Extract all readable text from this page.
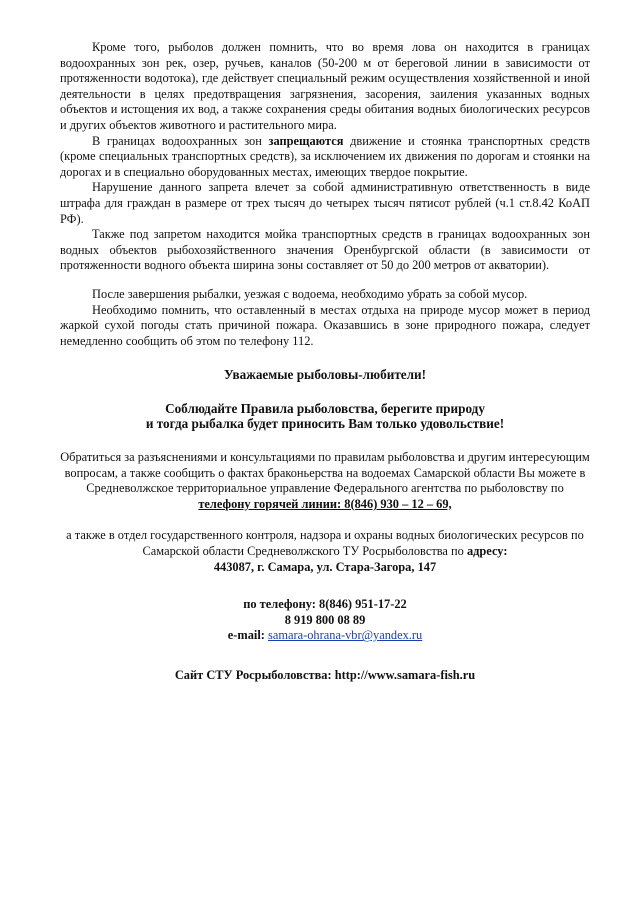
Кроме того, рыболов должен помнить, что во время лова он находится в границах водоохранных зон рек, озер, ручьев, каналов (50-200 м от береговой линии в зависимости от протяженности водотока), где действует специальный режим осуществления хозяйственной и иной деятельности в целях предотвращения загрязнения, засорения, заиления указанных водных объектов и истощения их вод, а также сохранения среды обитания водных биологических ресурсов и других объектов животного и растительного мира.

В границах водоохранных зон запрещаются движение и стоянка транспортных средств (кроме специальных транспортных средств), за исключением их движения по дорогам и стоянки на дорогах и в специально оборудованных местах, имеющих твердое покрытие.

Нарушение данного запрета влечет за собой административную ответственность в виде штрафа для граждан в размере от трех тысяч до четырех тысяч пятисот рублей (ч.1 ст.8.42 КоАП РФ).

Также под запретом находится мойка транспортных средств в границах водоохранных зон водных объектов рыбохозяйственного значения Оренбургской области (в зависимости от протяженности водного объекта ширина зоны составляет от 50 до 200 метров от акватории).

После завершения рыбалки, уезжая с водоема, необходимо убрать за собой мусор.

Необходимо помнить, что оставленный в местах отдыха на природе мусор может в период жаркой сухой погоды стать причиной пожара. Оказавшись в зоне природного пожара, следует немедленно сообщить об этом по телефону 112.

Уважаемые рыболовы-любители!

Соблюдайте Правила рыболовства, берегите природу

и тогда рыбалка будет приносить Вам только удовольствие!

Обратиться за разъяснениями и консультациями по правилам рыболовства и другим интересующим вопросам, а также сообщить о фактах браконьерства на водоемах Самарской области Вы можете в Средневолжское территориальное управление Федерального агентства по рыболовству по телефону горячей линии: 8(846) 930 – 12 – 69,

а также в отдел государственного контроля, надзора и охраны водных биологических ресурсов по Самарской области Средневолжского ТУ Росрыболовства по адресу:

443087, г. Самара, ул. Стара-Загора, 147

по телефону: 8(846) 951-17-22

8 919 800 08 89

e-mail: samara-ohrana-vbr@yandex.ru

Сайт СТУ Росрыболовства: http://www.samara-fish.ru
